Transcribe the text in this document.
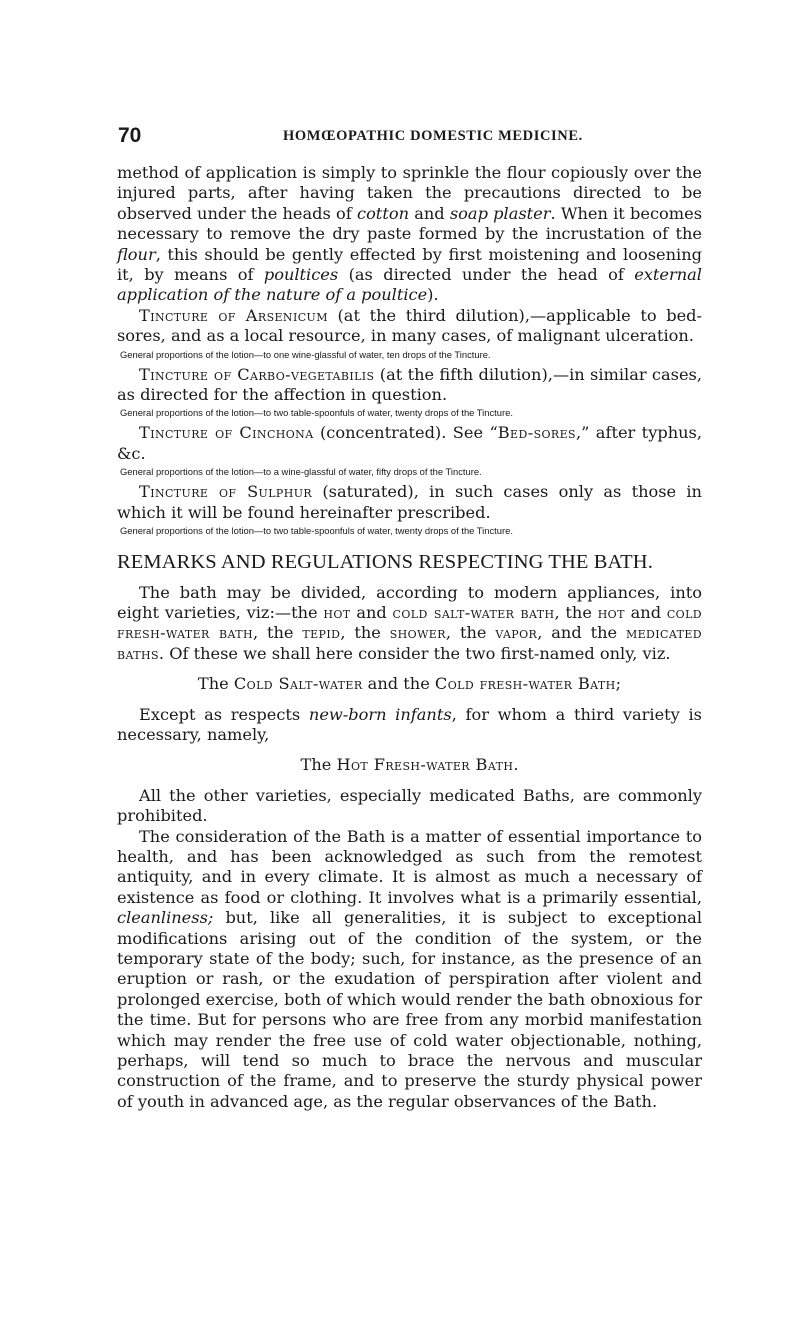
70	HOMŒOPATHIC DOMESTIC MEDICINE.

method of application is simply to sprinkle the flour copiously over the injured parts, after having taken the precautions directed to be observed under the heads of cotton and soap plaster. When it becomes necessary to remove the dry paste formed by the incrustation of the flour, this should be gently effected by first moistening and loosening it, by means of poultices (as directed under the head of external application of the nature of a poultice).

Tincture of Arsenicum (at the third dilution),—applicable to bed-sores, and as a local resource, in many cases, of malignant ulceration.

General proportions of the lotion—to one wine-glassful of water, ten drops of the Tincture.

Tincture of Carbo-vegetabilis (at the fifth dilution),—in similar cases, as directed for the affection in question.

General proportions of the lotion—to two table-spoonfuls of water, twenty drops of the Tincture.

Tincture of Cinchona (concentrated). See “Bed-sores,” after typhus, &c.

General proportions of the lotion—to a wine-glassful of water, fifty drops of the Tincture.

Tincture of Sulphur (saturated), in such cases only as those in which it will be found hereinafter prescribed.

General proportions of the lotion—to two table-spoonfuls of water, twenty drops of the Tincture.

REMARKS AND REGULATIONS RESPECTING THE BATH.

The bath may be divided, according to modern appliances, into eight varieties, viz:—the hot and cold salt-water bath, the hot and cold fresh-water bath, the tepid, the shower, the vapor, and the medicated baths. Of these we shall here consider the two first-named only, viz.

The Cold Salt-water and the Cold fresh-water Bath;

Except as respects new-born infants, for whom a third variety is necessary, namely,

The Hot Fresh-water Bath.

All the other varieties, especially medicated Baths, are commonly prohibited.

The consideration of the Bath is a matter of essential importance to health, and has been acknowledged as such from the remotest antiquity, and in every climate. It is almost as much a necessary of existence as food or clothing. It involves what is a primarily essential, cleanliness; but, like all generalities, it is subject to exceptional modifications arising out of the condition of the system, or the temporary state of the body; such, for instance, as the presence of an eruption or rash, or the exudation of perspiration after violent and prolonged exercise, both of which would render the bath obnoxious for the time. But for persons who are free from any morbid manifestation which may render the free use of cold water objectionable, nothing, perhaps, will tend so much to brace the nervous and muscular construction of the frame, and to preserve the sturdy physical power of youth in advanced age, as the regular observances of the Bath.
